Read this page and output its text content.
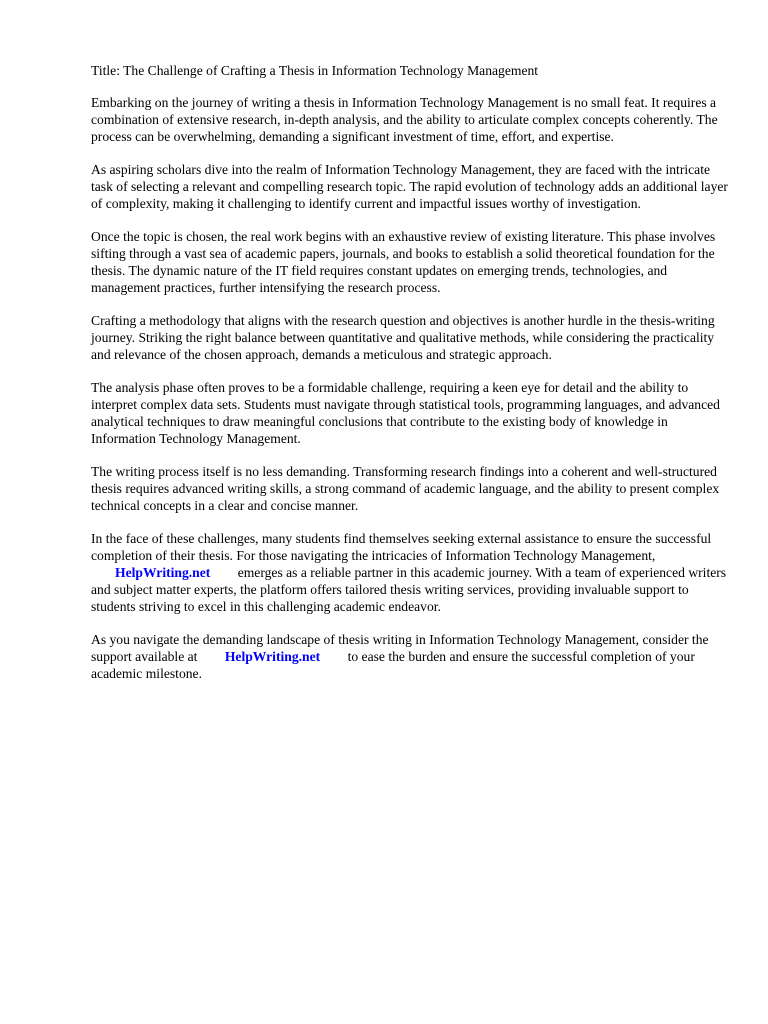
Title: The Challenge of Crafting a Thesis in Information Technology Management

Embarking on the journey of writing a thesis in Information Technology Management is no small feat. It requires a combination of extensive research, in-depth analysis, and the ability to articulate complex concepts coherently. The process can be overwhelming, demanding a significant investment of time, effort, and expertise.

As aspiring scholars dive into the realm of Information Technology Management, they are faced with the intricate task of selecting a relevant and compelling research topic. The rapid evolution of technology adds an additional layer of complexity, making it challenging to identify current and impactful issues worthy of investigation.

Once the topic is chosen, the real work begins with an exhaustive review of existing literature. This phase involves sifting through a vast sea of academic papers, journals, and books to establish a solid theoretical foundation for the thesis. The dynamic nature of the IT field requires constant updates on emerging trends, technologies, and management practices, further intensifying the research process.

Crafting a methodology that aligns with the research question and objectives is another hurdle in the thesis-writing journey. Striking the right balance between quantitative and qualitative methods, while considering the practicality and relevance of the chosen approach, demands a meticulous and strategic approach.

The analysis phase often proves to be a formidable challenge, requiring a keen eye for detail and the ability to interpret complex data sets. Students must navigate through statistical tools, programming languages, and advanced analytical techniques to draw meaningful conclusions that contribute to the existing body of knowledge in Information Technology Management.

The writing process itself is no less demanding. Transforming research findings into a coherent and well-structured thesis requires advanced writing skills, a strong command of academic language, and the ability to present complex technical concepts in a clear and concise manner.

In the face of these challenges, many students find themselves seeking external assistance to ensure the successful completion of their thesis. For those navigating the intricacies of Information Technology Management, HelpWriting.net emerges as a reliable partner in this academic journey. With a team of experienced writers and subject matter experts, the platform offers tailored thesis writing services, providing invaluable support to students striving to excel in this challenging academic endeavor.

As you navigate the demanding landscape of thesis writing in Information Technology Management, consider the support available at HelpWriting.net to ease the burden and ensure the successful completion of your academic milestone.
